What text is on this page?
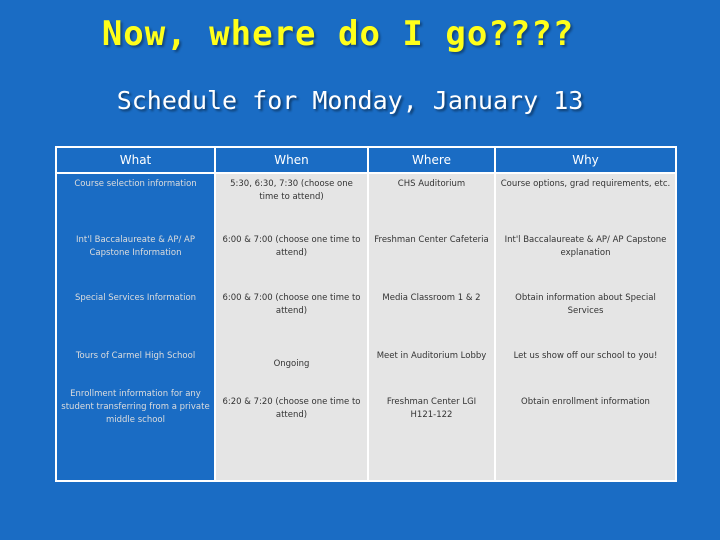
Now, where do I go????
Schedule for Monday, January 13
What	When	Where	Why
Course selection information	5:30, 6:30, 7:30 (choose one time to attend)	CHS Auditorium	Course options, grad requirements, etc.
Int'l Baccalaureate & AP/ AP Capstone Information	6:00 & 7:00 (choose one time to attend)	Freshman Center Cafeteria	Int'l Baccalaureate & AP/ AP Capstone explanation
Special Services Information	6:00 & 7:00 (choose one time to attend)	Media Classroom 1 & 2	Obtain information about Special Services
Tours of Carmel High School	Ongoing	Meet in Auditorium Lobby	Let us show off our school to you!
Enrollment information for any student transferring from a private middle school	6:20 & 7:20 (choose one time to attend)	Freshman Center LGI H121-122	Obtain enrollment information
